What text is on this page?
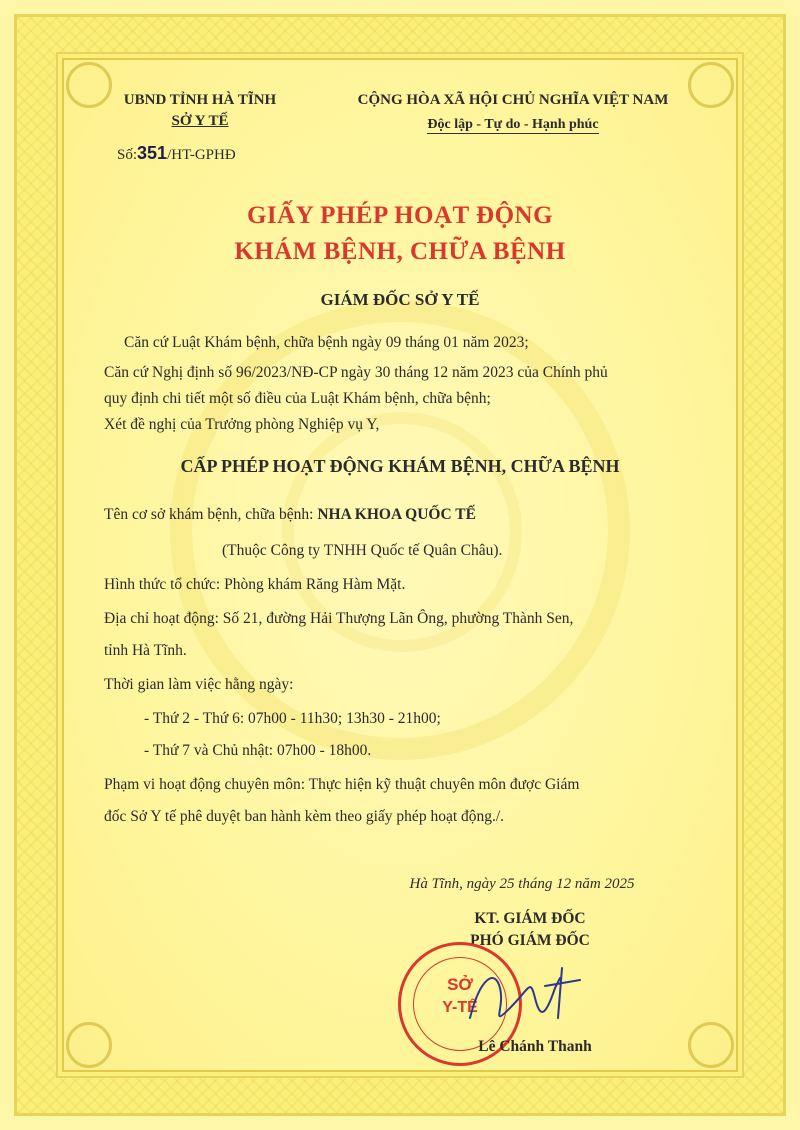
UBND TỈNH HÀ TĨNH
SỞ Y TẾ
Số:351/HT-GPHĐ
CỘNG HÒA XÃ HỘI CHỦ NGHĨA VIỆT NAM
Độc lập - Tự do - Hạnh phúc
GIẤY PHÉP HOẠT ĐỘNG
KHÁM BỆNH, CHỮA BỆNH
GIÁM ĐỐC SỞ Y TẾ
Căn cứ Luật Khám bệnh, chữa bệnh ngày 09 tháng 01 năm 2023;
Căn cứ Nghị định số 96/2023/NĐ-CP ngày 30 tháng 12 năm 2023 của Chính phủ
quy định chi tiết một số điều của Luật Khám bệnh, chữa bệnh;
Xét đề nghị của Trưởng phòng Nghiệp vụ Y,
CẤP PHÉP HOẠT ĐỘNG KHÁM BỆNH, CHỮA BỆNH
Tên cơ sở khám bệnh, chữa bệnh: NHA KHOA QUỐC TẾ
(Thuộc Công ty TNHH Quốc tế Quân Châu).
Hình thức tổ chức: Phòng khám Răng Hàm Mặt.
Địa chỉ hoạt động: Số 21, đường Hải Thượng Lãn Ông, phường Thành Sen,
tỉnh Hà Tĩnh.
Thời gian làm việc hằng ngày:
- Thứ 2 - Thứ 6: 07h00 - 11h30; 13h30 - 21h00;
- Thứ 7 và Chủ nhật: 07h00 - 18h00.
Phạm vi hoạt động chuyên môn: Thực hiện kỹ thuật chuyên môn được Giám
đốc Sở Y tế phê duyệt ban hành kèm theo giấy phép hoạt động./.
Hà Tĩnh, ngày 25 tháng 12 năm 2025
KT. GIÁM ĐỐC
PHÓ GIÁM ĐỐC
SỞ
Y-TẾ
Lê Chánh Thanh
